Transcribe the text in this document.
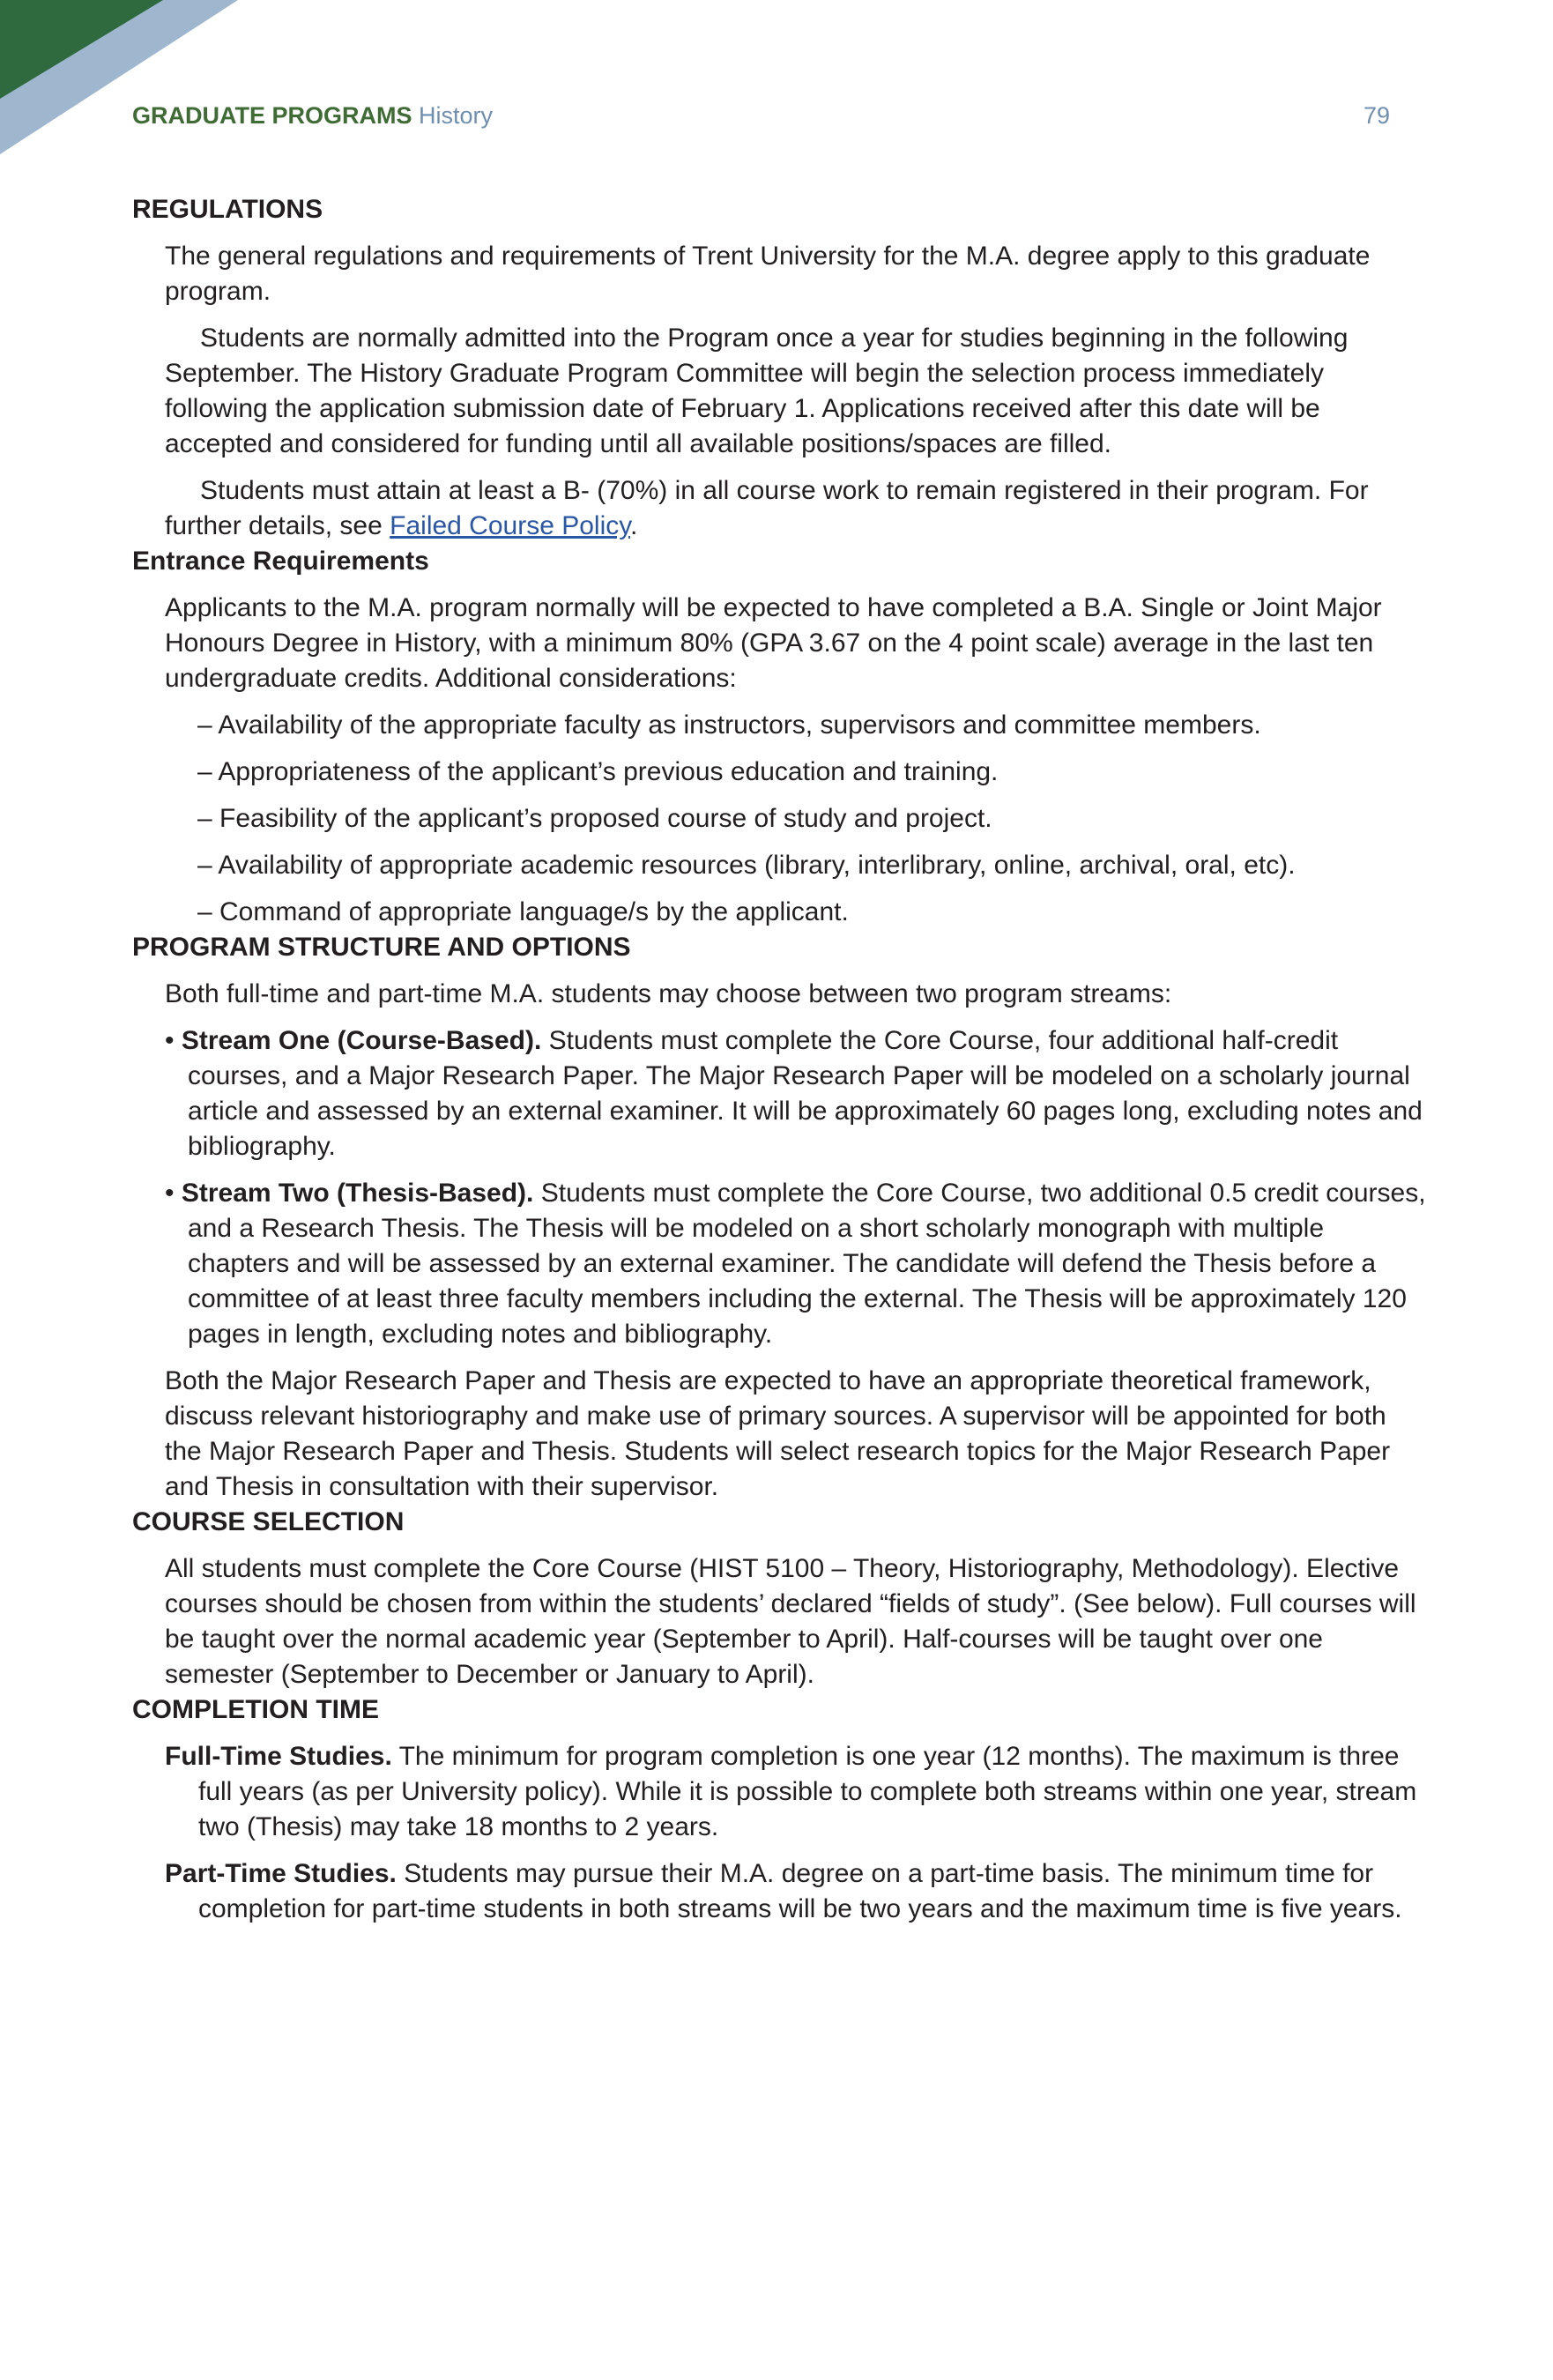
GRADUATE PROGRAMS History	79
REGULATIONS

The general regulations and requirements of Trent University for the M.A. degree apply to this graduate program.

Students are normally admitted into the Program once a year for studies beginning in the following September. The History Graduate Program Committee will begin the selection process immediately following the application submission date of February 1. Applications received after this date will be accepted and considered for funding until all available positions/spaces are filled.

Students must attain at least a B- (70%) in all course work to remain registered in their program. For further details, see Failed Course Policy.

Entrance Requirements

Applicants to the M.A. program normally will be expected to have completed a B.A. Single or Joint Major Honours Degree in History, with a minimum 80% (GPA 3.67 on the 4 point scale) average in the last ten undergraduate credits. Additional considerations:

– Availability of the appropriate faculty as instructors, supervisors and committee members.
– Appropriateness of the applicant’s previous education and training.
– Feasibility of the applicant’s proposed course of study and project.
– Availability of appropriate academic resources (library, interlibrary, online, archival, oral, etc).
– Command of appropriate language/s by the applicant.
PROGRAM STRUCTURE AND OPTIONS

Both full-time and part-time M.A. students may choose between two program streams:

• Stream One (Course-Based). Students must complete the Core Course, four additional half-credit courses, and a Major Research Paper. The Major Research Paper will be modeled on a scholarly journal article and assessed by an external examiner. It will be approximately 60 pages long, excluding notes and bibliography.
• Stream Two (Thesis-Based). Students must complete the Core Course, two additional 0.5 credit courses, and a Research Thesis. The Thesis will be modeled on a short scholarly monograph with multiple chapters and will be assessed by an external examiner. The candidate will defend the Thesis before a committee of at least three faculty members including the external. The Thesis will be approximately 120 pages in length, excluding notes and bibliography.

Both the Major Research Paper and Thesis are expected to have an appropriate theoretical framework, discuss relevant historiography and make use of primary sources. A supervisor will be appointed for both the Major Research Paper and Thesis. Students will select research topics for the Major Research Paper and Thesis in consultation with their supervisor.

COURSE SELECTION

All students must complete the Core Course (HIST 5100 – Theory, Historiography, Methodology). Elective courses should be chosen from within the students’ declared “fields of study”. (See below). Full courses will be taught over the normal academic year (September to April). Half-courses will be taught over one semester (September to December or January to April).

COMPLETION TIME
Full-Time Studies. The minimum for program completion is one year (12 months). The maximum is three full years (as per University policy). While it is possible to complete both streams within one year, stream two (Thesis) may take 18 months to 2 years.
Part-Time Studies. Students may pursue their M.A. degree on a part-time basis. The minimum time for completion for part-time students in both streams will be two years and the maximum time is five years.
